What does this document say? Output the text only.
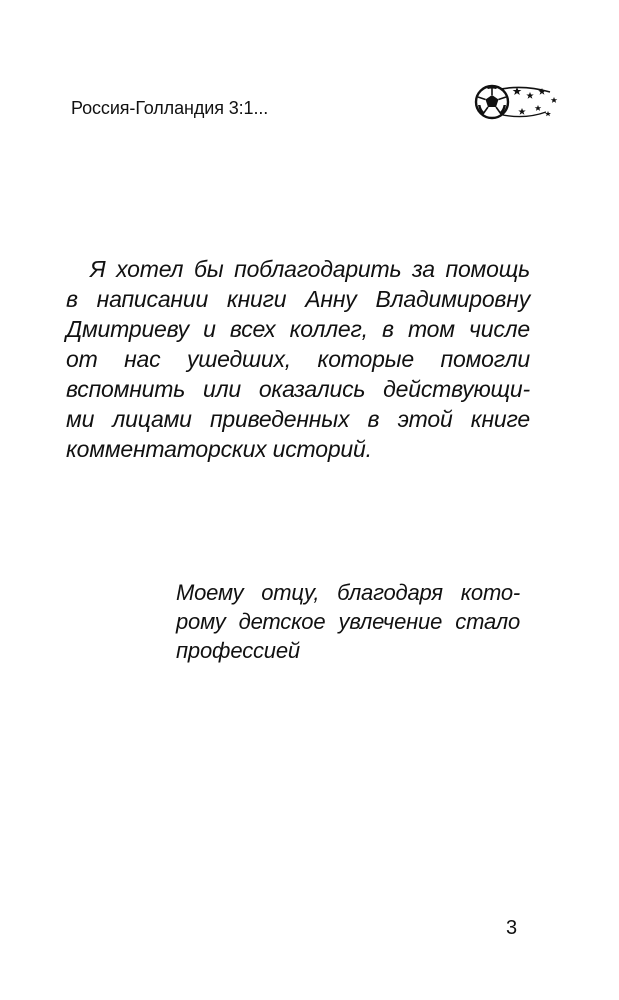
Россия-Голландия 3:1...
Я хотел бы поблагодарить за помощь
в написании книги Анну Владимировну
Дмитриеву и всех коллег, в том числе
от нас ушедших, которые помогли
вспомнить или оказались действующи-
ми лицами приведенных в этой книге
комментаторских историй.
Моему отцу, благодаря кото-
рому детское увлечение стало
профессией
3
